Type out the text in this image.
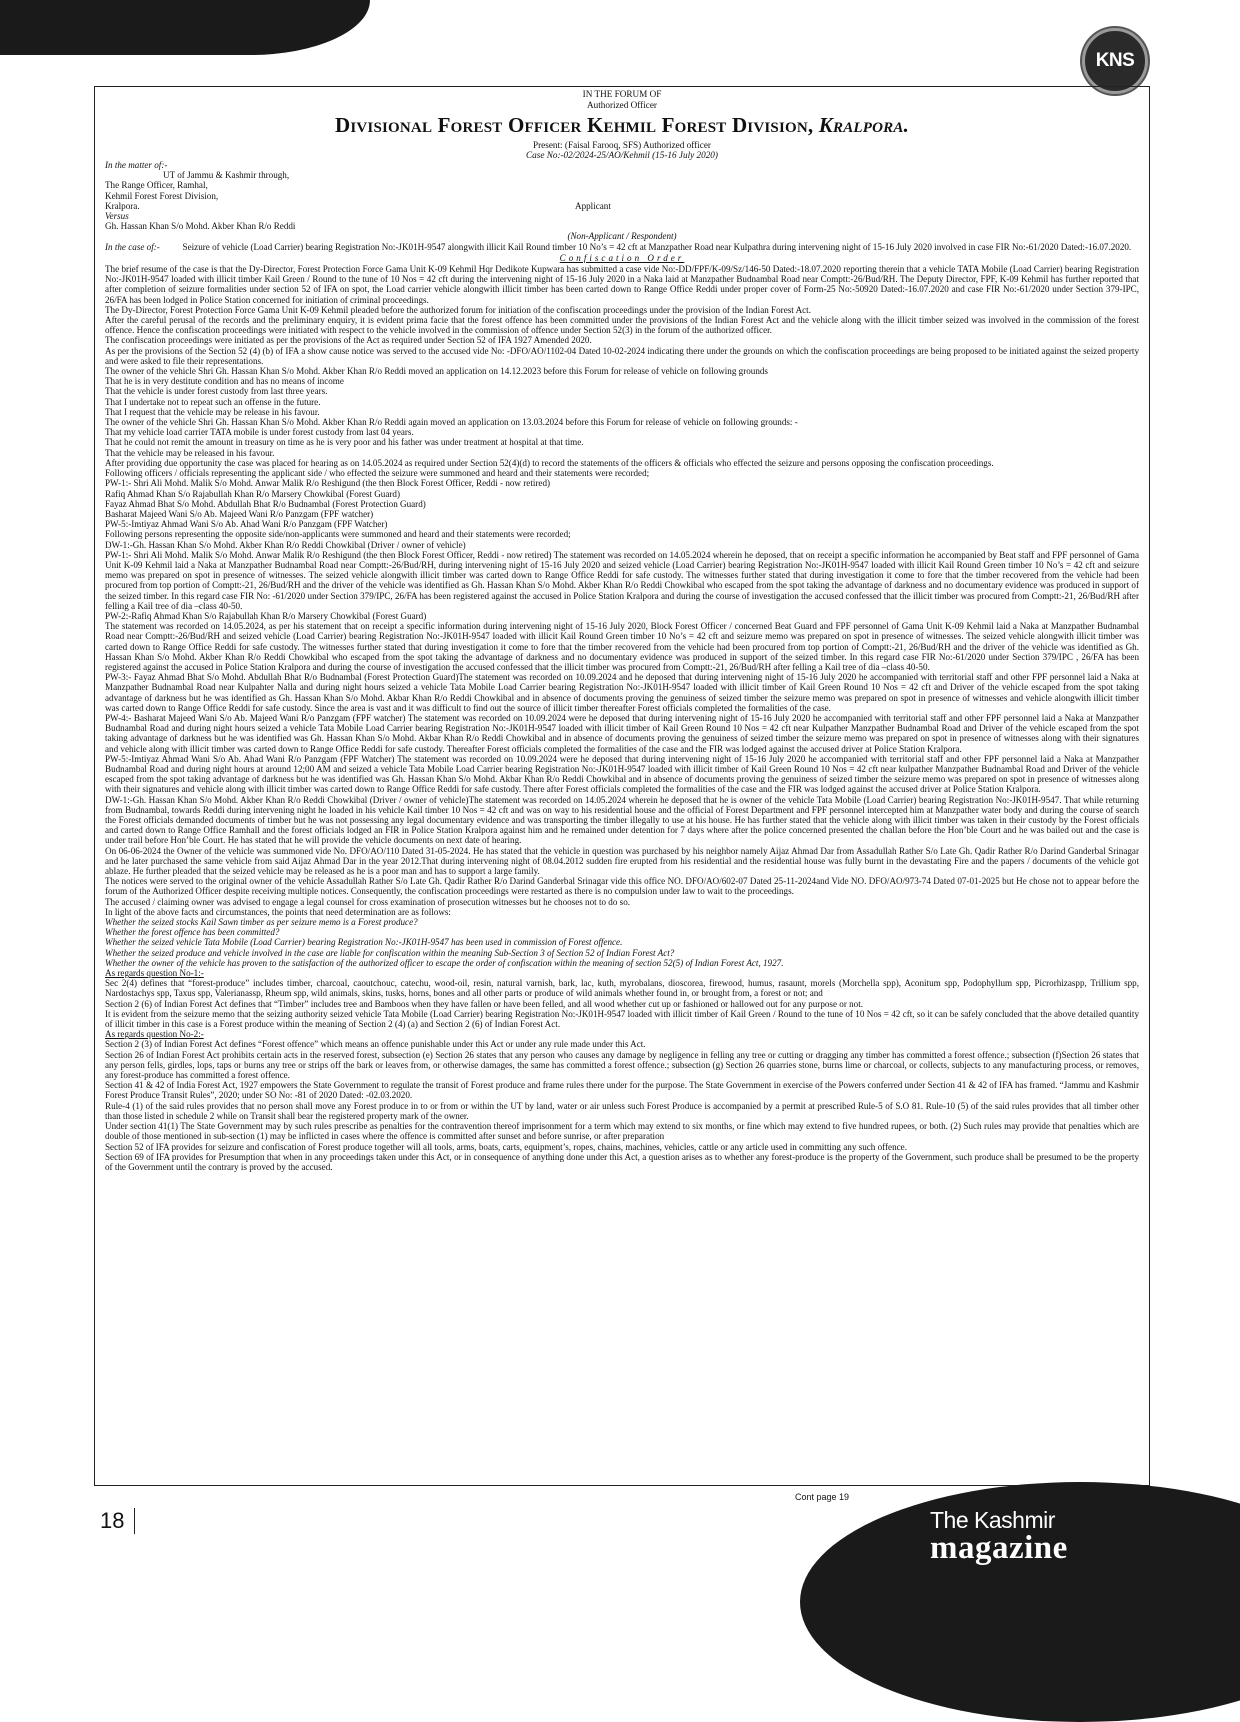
KNS
IN THE FORUM OF
Authorized Officer
Divisional Forest Officer Kehmil Forest Division, Kralpora.
Present: (Faisal Farooq, SFS) Authorized officer
Case No:-02/2024-25/AO/Kehmil (15-16 July 2020)
In the matter of:-
UT of Jammu & Kashmir through,
The Range Officer, Ramhal,
Kehmil Forest Forest Division,
Kralpora.	Applicant
Versus
Gh. Hassan Khan S/o Mohd. Akber Khan R/o Reddi
(Non-Applicant / Respondent)
In the case of:- Seizure of vehicle (Load Carrier) bearing Registration No:-JK01H-9547 alongwith illicit Kail Round timber 10 No’s = 42 cft at Manzpather Road near Kulpathra during intervening night of 15-16 July 2020 involved in case FIR No:-61/2020 Dated:-16.07.2020.
Confiscation Order
The brief resume of the case is that the Dy-Director, Forest Protection Force Gama Unit K-09 Kehmil Hqr Dedikote Kupwara has submitted a case vide No:-DD/FPF/K-09/Sz/146-50 Dated:-18.07.2020 reporting therein that a vehicle TATA Mobile (Load Carrier) bearing Registration No:-JK01H-9547 loaded with illicit timber Kail Green / Round to the tune of 10 Nos = 42 cft during the intervening night of 15-16 July 2020 in a Naka laid at Manzpather Budnambal Road near Comptt:-26/Bud/RH. The Deputy Director, FPF, K-09 Kehmil has further reported that after completion of seizure formalities under section 52 of IFA on spot, the Load carrier vehicle alongwith illicit timber has been carted down to Range Office Reddi under proper cover of Form-25 No:-50920 Dated:-16.07.2020 and case FIR No:-61/2020 under Section 379-IPC, 26/FA has been lodged in Police Station concerned for initiation of criminal proceedings.
The Dy-Director, Forest Protection Force Gama Unit K-09 Kehmil pleaded before the authorized forum for initiation of the confiscation proceedings under the provision of the Indian Forest Act.
After the careful perusal of the records and the preliminary enquiry, it is evident prima facie that the forest offence has been committed under the provisions of the Indian Forest Act and the vehicle along with the illicit timber seized was involved in the commission of the forest offence. Hence the confiscation proceedings were initiated with respect to the vehicle involved in the commission of offence under Section 52(3) in the forum of the authorized officer.
The confiscation proceedings were initiated as per the provisions of the Act as required under Section 52 of IFA 1927 Amended 2020.
As per the provisions of the Section 52 (4) (b) of IFA a show cause notice was served to the accused vide No: -DFO/AO/1102-04 Dated 10-02-2024 indicating there under the grounds on which the confiscation proceedings are being proposed to be initiated against the seized property and were asked to file their representations.
The owner of the vehicle Shri Gh. Hassan Khan S/o Mohd. Akber Khan R/o Reddi moved an application on 14.12.2023 before this Forum for release of vehicle on following grounds
That he is in very destitute condition and has no means of income
That the vehicle is under forest custody from last three years.
That I undertake not to repeat such an offense in the future.
That I request that the vehicle may be release in his favour.
The owner of the vehicle Shri Gh. Hassan Khan S/o Mohd. Akber Khan R/o Reddi again moved an application on 13.03.2024 before this Forum for release of vehicle on following grounds: -
That my vehicle load carrier TATA mobile is under forest custody from last 04 years.
That he could not remit the amount in treasury on time as he is very poor and his father was under treatment at hospital at that time.
That the vehicle may be released in his favour.
After providing due opportunity the case was placed for hearing as on 14.05.2024 as required under Section 52(4)(d) to record the statements of the officers & officials who effected the seizure and persons opposing the confiscation proceedings.
Following officers / officials representing the applicant side / who effected the seizure were summoned and heard and their statements were recorded;
PW-1:- Shri Ali Mohd. Malik S/o Mohd. Anwar Malik R/o Reshigund (the then Block Forest Officer, Reddi - now retired)
Rafiq Ahmad Khan S/o Rajabullah Khan R/o Marsery Chowkibal (Forest Guard)
Fayaz Ahmad Bhat S/o Mohd. Abdullah Bhat R/o Budnambal (Forest Protection Guard)
Basharat Majeed Wani S/o Ab. Majeed Wani R/o Panzgam (FPF watcher)
PW-5:-Imtiyaz Ahmad Wani S/o Ab. Ahad Wani R/o Panzgam (FPF Watcher)
Following persons representing the opposite side/non-applicants were summoned and heard and their statements were recorded;
DW-1:-Gh. Hassan Khan S/o Mohd. Akber Khan R/o Reddi Chowkibal (Driver / owner of vehicle)
PW-1:- Shri Ali Mohd. Malik S/o Mohd. Anwar Malik R/o Reshigund (the then Block Forest Officer, Reddi - now retired) The statement was recorded on 14.05.2024 wherein he deposed, that on receipt a specific information he accompanied by Beat staff and FPF personnel of Gama Unit K-09 Kehmil laid a Naka at Manzpather Budnambal Road near Comptt:-26/Bud/RH, during intervening night of 15-16 July 2020 and seized vehicle (Load Carrier) bearing Registration No:-JK01H-9547 loaded with illicit Kail Round Green timber 10 No’s = 42 cft and seizure memo was prepared on spot in presence of witnesses. The seized vehicle alongwith illicit timber was carted down to Range Office Reddi for safe custody. The witnesses further stated that during investigation it come to fore that the timber recovered from the vehicle had been procured from top portion of Comptt:-21, 26/Bud/RH and the driver of the vehicle was identified as Gh. Hassan Khan S/o Mohd. Akber Khan R/o Reddi Chowkibal who escaped from the spot taking the advantage of darkness and no documentary evidence was produced in support of the seized timber. In this regard case FIR No: -61/2020 under Section 379/IPC, 26/FA has been registered against the accused in Police Station Kralpora and during the course of investigation the accused confessed that the illicit timber was procured from Comptt:-21, 26/Bud/RH after felling a Kail tree of dia –class 40-50.
PW-2:-Rafiq Ahmad Khan S/o Rajabullah Khan R/o Marsery Chowkibal (Forest Guard)
The statement was recorded on 14.05.2024, as per his statement that on receipt a specific information during intervening night of 15-16 July 2020, Block Forest Officer / concerned Beat Guard and FPF personnel of Gama Unit K-09 Kehmil laid a Naka at Manzpather Budnambal Road near Comptt:-26/Bud/RH and seized vehicle (Load Carrier) bearing Registration No:-JK01H-9547 loaded with illicit Kail Round Green timber 10 No’s = 42 cft and seizure memo was prepared on spot in presence of witnesses. The seized vehicle alongwith illicit timber was carted down to Range Office Reddi for safe custody. The witnesses further stated that during investigation it come to fore that the timber recovered from the vehicle had been procured from top portion of Comptt:-21, 26/Bud/RH and the driver of the vehicle was identified as Gh. Hassan Khan S/o Mohd. Akber Khan R/o Reddi Chowkibal who escaped from the spot taking the advantage of darkness and no documentary evidence was produced in support of the seized timber. In this regard case FIR No:-61/2020 under Section 379/IPC , 26/FA has been registered against the accused in Police Station Kralpora and during the course of investigation the accused confessed that the illicit timber was procured from Comptt:-21, 26/Bud/RH after felling a Kail tree of dia –class 40-50.
PW-3:- Fayaz Ahmad Bhat S/o Mohd. Abdullah Bhat R/o Budnambal (Forest Protection Guard)The statement was recorded on 10.09.2024 and he deposed that during intervening night of 15-16 July 2020 he accompanied with territorial staff and other FPF personnel laid a Naka at Manzpather Budnambal Road near Kulpahter Nalla and during night hours seized a vehicle Tata Mobile Load Carrier bearing Registration No:-JK01H-9547 loaded with illicit timber of Kail Green Round 10 Nos = 42 cft and Driver of the vehicle escaped from the spot taking advantage of darkness but he was identified as Gh. Hassan Khan S/o Mohd. Akbar Khan R/o Reddi Chowkibal and in absence of documents proving the genuiness of seized timber the seizure memo was prepared on spot in presence of witnesses and vehicle alongwith illicit timber was carted down to Range Office Reddi for safe custody. Since the area is vast and it was difficult to find out the source of illicit timber thereafter Forest officials completed the formalities of the case.
PW-4:- Basharat Majeed Wani S/o Ab. Majeed Wani R/o Panzgam (FPF watcher) The statement was recorded on 10.09.2024 were he deposed that during intervening night of 15-16 July 2020 he accompanied with territorial staff and other FPF personnel laid a Naka at Manzpather Budnambal Road and during night hours seized a vehicle Tata Mobile Load Carrier bearing Registration No:-JK01H-9547 loaded with illicit timber of Kail Green Round 10 Nos = 42 cft near Kulpather Manzpather Budnambal Road and Driver of the vehicle escaped from the spot taking advantage of darkness but he was identified was Gh. Hassan Khan S/o Mohd. Akbar Khan R/o Reddi Chowkibal and in absence of documents proving the genuiness of seized timber the seizure memo was prepared on spot in presence of witnesses along with their signatures and vehicle along with illicit timber was carted down to Range Office Reddi for safe custody. Thereafter Forest officials completed the formalities of the case and the FIR was lodged against the accused driver at Police Station Kralpora.
PW-5:-Imtiyaz Ahmad Wani S/o Ab. Ahad Wani R/o Panzgam (FPF Watcher) The statement was recorded on 10.09.2024 were he deposed that during intervening night of 15-16 July 2020 he accompanied with territorial staff and other FPF personnel laid a Naka at Manzpather Budnambal Road and during night hours at around 12;00 AM and seized a vehicle Tata Mobile Load Carrier bearing Registration No:-JK01H-9547 loaded with illicit timber of Kail Green Round 10 Nos = 42 cft near kulpather Manzpather Budnambal Road and Driver of the vehicle escaped from the spot taking advantage of darkness but he was identified was Gh. Hassan Khan S/o Mohd. Akbar Khan R/o Reddi Chowkibal and in absence of documents proving the genuiness of seized timber the seizure memo was prepared on spot in presence of witnesses along with their signatures and vehicle along with illicit timber was carted down to Range Office Reddi for safe custody. There after Forest officials completed the formalities of the case and the FIR was lodged against the accused driver at Police Station Kralpora.
DW-1:-Gh. Hassan Khan S/o Mohd. Akber Khan R/o Reddi Chowkibal (Driver / owner of vehicle)The statement was recorded on 14.05.2024 wherein he deposed that he is owner of the vehicle Tata Mobile (Load Carrier) bearing Registration No:-JK01H-9547. That while returning from Budnambal, towards Reddi during intervening night he loaded in his vehicle Kail timber 10 Nos = 42 cft and was on way to his residential house and the official of Forest Department and FPF personnel intercepted him at Manzpather water body and during the course of search the Forest officials demanded documents of timber but he was not possessing any legal documentary evidence and was transporting the timber illegally to use at his house. He has further stated that the vehicle along with illicit timber was taken in their custody by the Forest officials and carted down to Range Office Ramhall and the forest officials lodged an FIR in Police Station Kralpora against him and he remained under detention for 7 days where after the police concerned presented the challan before the Hon’ble Court and he was bailed out and the case is under trail before Hon’ble Court. He has stated that he will provide the vehicle documents on next date of hearing.
On 06-06-2024 the Owner of the vehicle was summoned vide No. DFO/AO/110 Dated 31-05-2024. He has stated that the vehicle in question was purchased by his neighbor namely Aijaz Ahmad Dar from Assadullah Rather S/o Late Gh. Qadir Rather R/o Darind Ganderbal Srinagar and he later purchased the same vehicle from said Aijaz Ahmad Dar in the year 2012.That during intervening night of 08.04.2012 sudden fire erupted from his residential and the residential house was fully burnt in the devastating Fire and the papers / documents of the vehicle got ablaze. He further pleaded that the seized vehicle may be released as he is a poor man and has to support a large family.
The notices were served to the original owner of the vehicle Assadullah Rather S/o Late Gh. Qadir Rather R/o Darind Ganderbal Srinagar vide this office NO. DFO/AO/602-07 Dated 25-11-2024and Vide NO. DFO/AO/973-74 Dated 07-01-2025 but He chose not to appear before the forum of the Authorized Officer despite receiving multiple notices. Consequently, the confiscation proceedings were restarted as there is no compulsion under law to wait to the proceedings.
The accused / claiming owner was advised to engage a legal counsel for cross examination of prosecution witnesses but he chooses not to do so.
In light of the above facts and circumstances, the points that need determination are as follows:
Whether the seized stocks Kail Sawn timber as per seizure memo is a Forest produce?
Whether the forest offence has been committed?
Whether the seized vehicle Tata Mobile (Load Carrier) bearing Registration No:-JK01H-9547 has been used in commission of Forest offence.
Whether the seized produce and vehicle involved in the case are liable for confiscation within the meaning Sub-Section 3 of Section 52 of Indian Forest Act?
Whether the owner of the vehicle has proven to the satisfaction of the authorized officer to escape the order of confiscation within the meaning of section 52(5) of Indian Forest Act, 1927.
As regards question No-1:-
Sec 2(4) defines that “forest-produce” includes timber, charcoal, caoutchouc, catechu, wood-oil, resin, natural varnish, bark, lac, kuth, myrobalans, dioscorea, firewood, humus, rasaunt, morels (Morchella spp), Aconitum spp, Podophyllum spp, Picrorhizaspp, Trillium spp, Nardostachys spp, Taxus spp, Valerianassp, Rheum spp, wild animals, skins, tusks, horns, bones and all other parts or produce of wild animals whether found in, or brought from, a forest or not; and
Section 2 (6) of Indian Forest Act defines that “Timber” includes tree and Bamboos when they have fallen or have been felled, and all wood whether cut up or fashioned or hallowed out for any purpose or not.
It is evident from the seizure memo that the seizing authority seized vehicle Tata Mobile (Load Carrier) bearing Registration No:-JK01H-9547 loaded with illicit timber of Kail Green / Round to the tune of 10 Nos = 42 cft, so it can be safely concluded that the above detailed quantity of illicit timber in this case is a Forest produce within the meaning of Section 2 (4) (a) and Section 2 (6) of Indian Forest Act.
As regards question No-2:-
Section 2 (3) of Indian Forest Act defines “Forest offence” which means an offence punishable under this Act or under any rule made under this Act.
Section 26 of Indian Forest Act prohibits certain acts in the reserved forest, subsection (e) Section 26 states that any person who causes any damage by negligence in felling any tree or cutting or dragging any timber has committed a forest offence.; subsection (f)Section 26 states that any person fells, girdles, lops, taps or burns any tree or strips off the bark or leaves from, or otherwise damages, the same has committed a forest offence.; subsection (g) Section 26 quarries stone, burns lime or charcoal, or collects, subjects to any manufacturing process, or removes, any forest-produce has committed a forest offence.
Section 41 & 42 of India Forest Act, 1927 empowers the State Government to regulate the transit of Forest produce and frame rules there under for the purpose. The State Government in exercise of the Powers conferred under Section 41 & 42 of IFA has framed. “Jammu and Kashmir Forest Produce Transit Rules”, 2020; under SO No: -81 of 2020 Dated: -02.03.2020.
Rule-4 (1) of the said rules provides that no person shall move any Forest produce in to or from or within the UT by land, water or air unless such Forest Produce is accompanied by a permit at prescribed Rule-5 of S.O 81. Rule-10 (5) of the said rules provides that all timber other than those listed in schedule 2 while on Transit shall bear the registered property mark of the owner.
Under section 41(1) The State Government may by such rules prescribe as penalties for the contravention thereof imprisonment for a term which may extend to six months, or fine which may extend to five hundred rupees, or both. (2) Such rules may provide that penalties which are double of those mentioned in sub-section (1) may be inflicted in cases where the offence is committed after sunset and before sunrise, or after preparation
Section 52 of IFA provides for seizure and confiscation of Forest produce together will all tools, arms, boats, carts, equipment’s, ropes, chains, machines, vehicles, cattle or any article used in committing any such offence.
Section 69 of IFA provides for Presumption that when in any proceedings taken under this Act, or in consequence of anything done under this Act, a question arises as to whether any forest-produce is the property of the Government, such produce shall be presumed to be the property of the Government until the contrary is proved by the accused.
Cont page 19
18	The Kashmir
magazine
